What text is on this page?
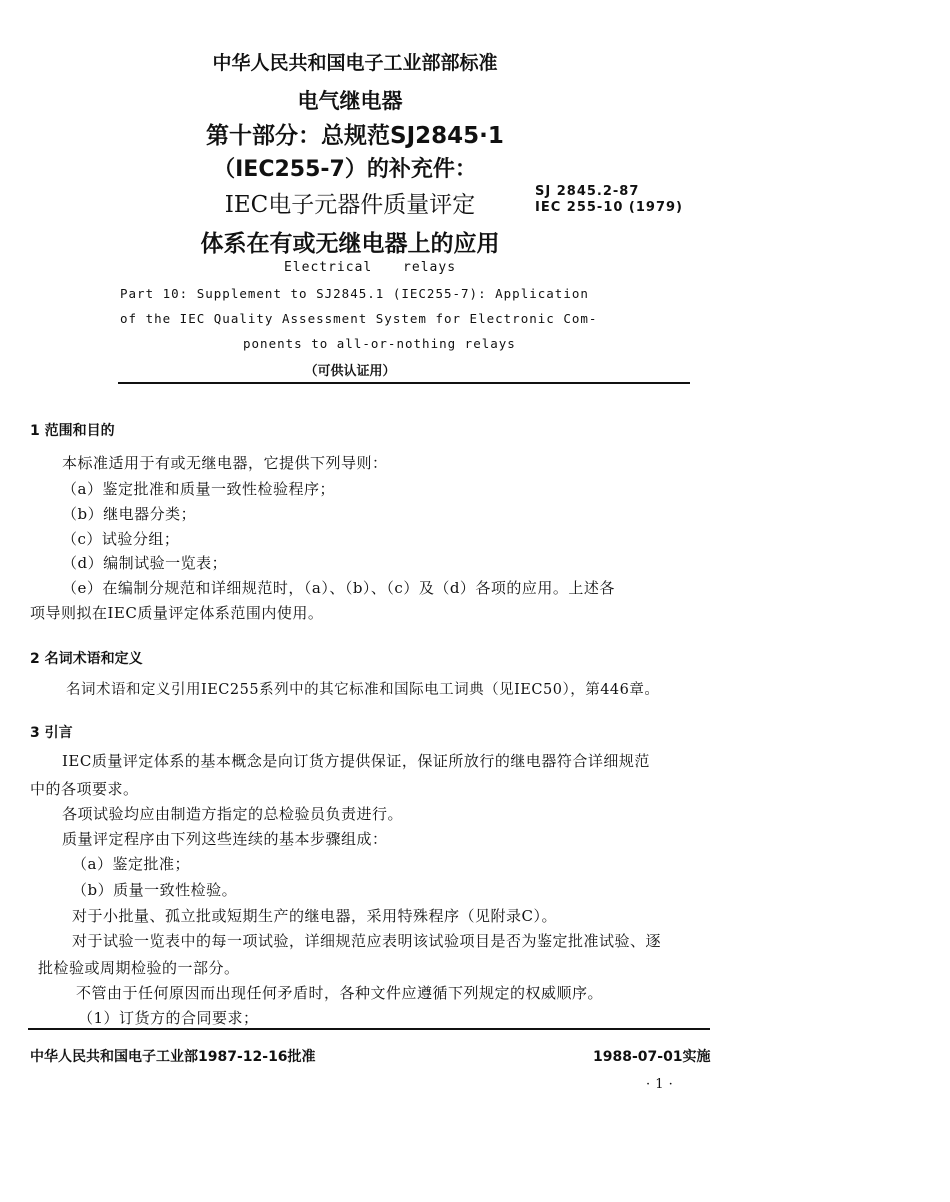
中华人民共和国电子工业部部标准
电气继电器
第十部分：总规范SJ2845·1
（IEC255-7）的补充件：
IEC电子元器件质量评定
体系在有或无继电器上的应用
SJ 2845.2-87
IEC 255-10 (1979)
Electrical relays
Part 10: Supplement to SJ2845.1 (IEC255-7): Application
of the IEC Quality Assessment System for Electronic Com-
ponents to all-or-nothing relays
（可供认证用）
1 范围和目的
本标准适用于有或无继电器，它提供下列导则：
（a）鉴定批准和质量一致性检验程序；
（b）继电器分类；
（c）试验分组；
（d）编制试验一览表；
（e）在编制分规范和详细规范时，（a）、（b）、（c）及（d）各项的应用。上述各
项导则拟在IEC质量评定体系范围内使用。
2 名词术语和定义
名词术语和定义引用IEC255系列中的其它标准和国际电工词典（见IEC50），第446章。
3 引言
IEC质量评定体系的基本概念是向订货方提供保证，保证所放行的继电器符合详细规范
中的各项要求。
各项试验均应由制造方指定的总检验员负责进行。
质量评定程序由下列这些连续的基本步骤组成：
（a）鉴定批准；
（b）质量一致性检验。
对于小批量、孤立批或短期生产的继电器，采用特殊程序（见附录C）。
对于试验一览表中的每一项试验，详细规范应表明该试验项目是否为鉴定批准试验、逐
批检验或周期检验的一部分。
不管由于任何原因而出现任何矛盾时，各种文件应遵循下列规定的权威顺序。
（1）订货方的合同要求；
中华人民共和国电子工业部1987-12-16批准	1988-07-01实施
· 1 ·
